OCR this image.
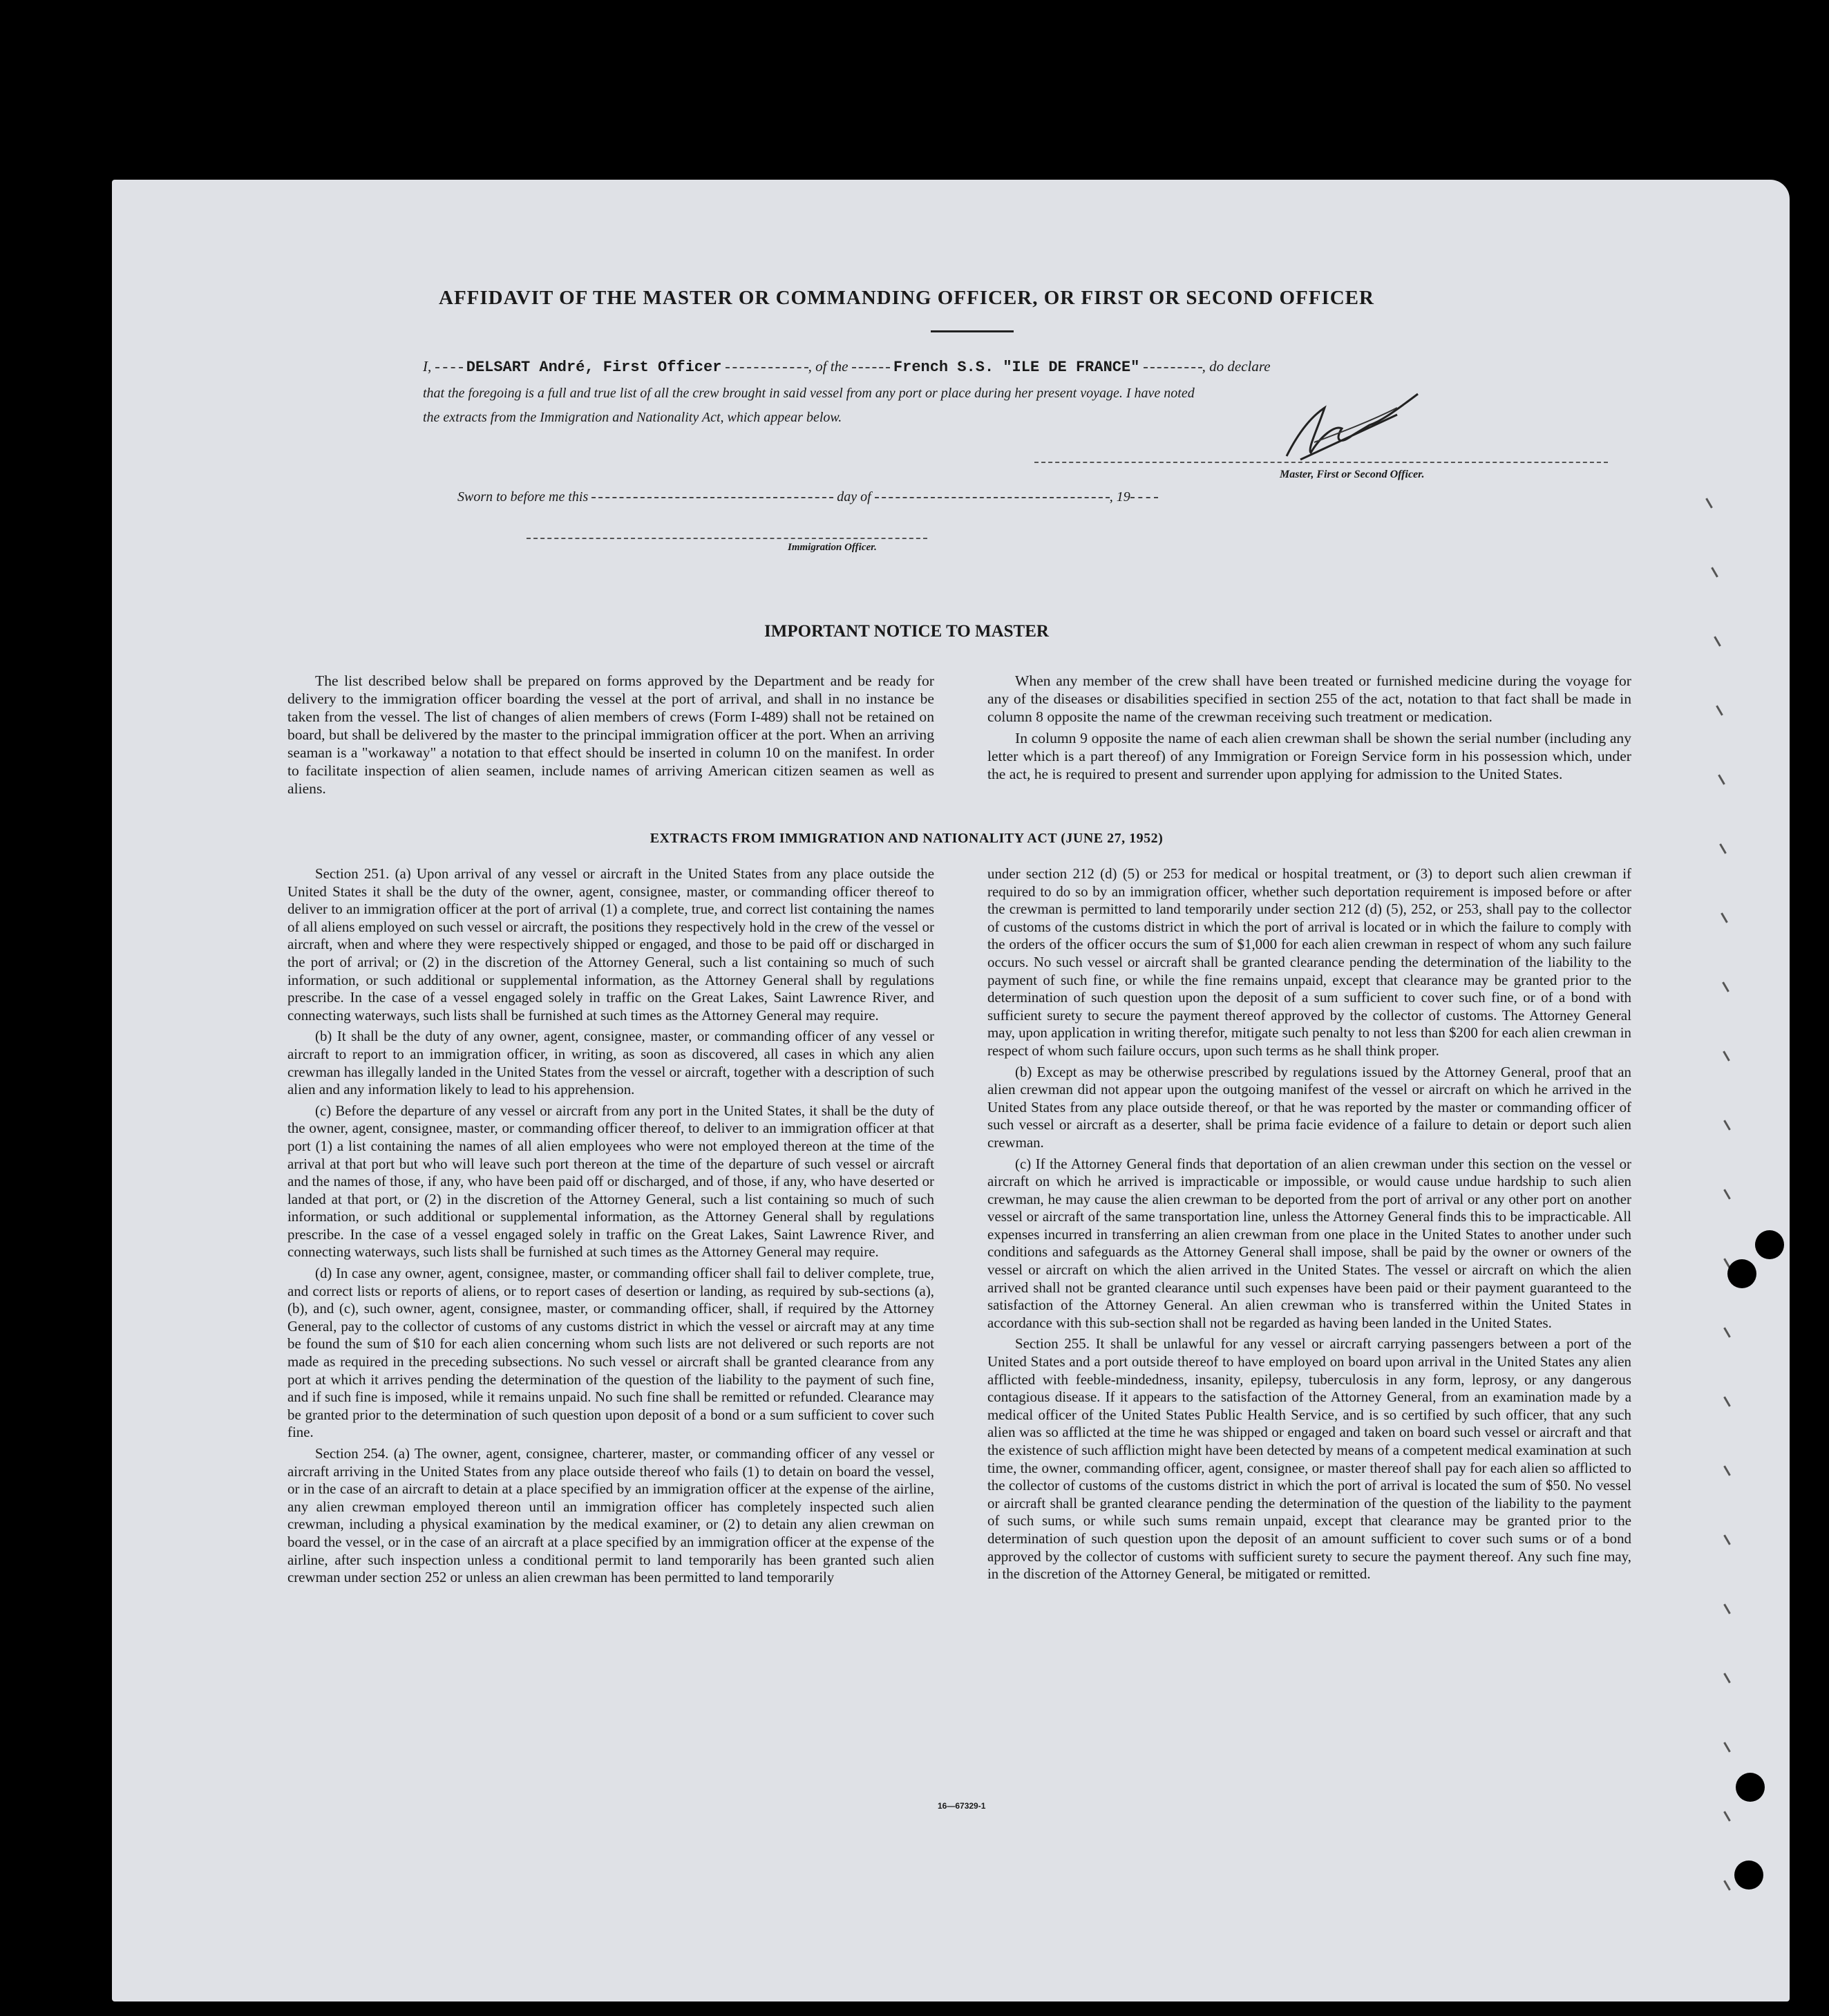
AFFIDAVIT OF THE MASTER OR COMMANDING OFFICER, OR FIRST OR SECOND OFFICER
I, DELSART André, First Officer	, of the	French S.S. "ILE DE FRANCE"	, do declare
that the foregoing is a full and true list of all the crew brought in said vessel from any port or place during her present voyage. I have noted
the extracts from the Immigration and Nationality Act, which appear below.
Master, First or Second Officer.
Sworn to before me this	day of	, 19
Immigration Officer.
IMPORTANT NOTICE TO MASTER

The list described below shall be prepared on forms approved by the Department and be ready for delivery to the immigration officer boarding the vessel at the port of arrival, and shall in no instance be taken from the vessel. The list of changes of alien members of crews (Form I-489) shall not be retained on board, but shall be delivered by the master to the principal immigration officer at the port. When an arriving seaman is a "workaway" a notation to that effect should be inserted in column 10 on the manifest. In order to facilitate inspection of alien seamen, include names of arriving American citizen seamen as well as aliens.

When any member of the crew shall have been treated or furnished medicine during the voyage for any of the diseases or disabilities specified in section 255 of the act, notation to that fact shall be made in column 8 opposite the name of the crewman receiving such treatment or medication.

In column 9 opposite the name of each alien crewman shall be shown the serial number (including any letter which is a part thereof) of any Immigration or Foreign Service form in his possession which, under the act, he is required to present and surrender upon applying for admission to the United States.

EXTRACTS FROM IMMIGRATION AND NATIONALITY ACT (JUNE 27, 1952)

Section 251. (a) Upon arrival of any vessel or aircraft in the United States from any place outside the United States it shall be the duty of the owner, agent, consignee, master, or commanding officer thereof to deliver to an immigration officer at the port of arrival (1) a complete, true, and correct list containing the names of all aliens employed on such vessel or aircraft, the positions they respectively hold in the crew of the vessel or aircraft, when and where they were respectively shipped or engaged, and those to be paid off or discharged in the port of arrival; or (2) in the discretion of the Attorney General, such a list containing so much of such information, or such additional or supplemental information, as the Attorney General shall by regulations prescribe. In the case of a vessel engaged solely in traffic on the Great Lakes, Saint Lawrence River, and connecting waterways, such lists shall be furnished at such times as the Attorney General may require.

(b) It shall be the duty of any owner, agent, consignee, master, or commanding officer of any vessel or aircraft to report to an immigration officer, in writing, as soon as discovered, all cases in which any alien crewman has illegally landed in the United States from the vessel or aircraft, together with a description of such alien and any information likely to lead to his apprehension.

(c) Before the departure of any vessel or aircraft from any port in the United States, it shall be the duty of the owner, agent, consignee, master, or commanding officer thereof, to deliver to an immigration officer at that port (1) a list containing the names of all alien employees who were not employed thereon at the time of the arrival at that port but who will leave such port thereon at the time of the departure of such vessel or aircraft and the names of those, if any, who have been paid off or discharged, and of those, if any, who have deserted or landed at that port, or (2) in the discretion of the Attorney General, such a list containing so much of such information, or such additional or supplemental information, as the Attorney General shall by regulations prescribe. In the case of a vessel engaged solely in traffic on the Great Lakes, Saint Lawrence River, and connecting waterways, such lists shall be furnished at such times as the Attorney General may require.

(d) In case any owner, agent, consignee, master, or commanding officer shall fail to deliver complete, true, and correct lists or reports of aliens, or to report cases of desertion or landing, as required by sub-sections (a), (b), and (c), such owner, agent, consignee, master, or commanding officer, shall, if required by the Attorney General, pay to the collector of customs of any customs district in which the vessel or aircraft may at any time be found the sum of $10 for each alien concerning whom such lists are not delivered or such reports are not made as required in the preceding subsections. No such vessel or aircraft shall be granted clearance from any port at which it arrives pending the determination of the question of the liability to the payment of such fine, and if such fine is imposed, while it remains unpaid. No such fine shall be remitted or refunded. Clearance may be granted prior to the determination of such question upon deposit of a bond or a sum sufficient to cover such fine.

Section 254. (a) The owner, agent, consignee, charterer, master, or commanding officer of any vessel or aircraft arriving in the United States from any place outside thereof who fails (1) to detain on board the vessel, or in the case of an aircraft to detain at a place specified by an immigration officer at the expense of the airline, any alien crewman employed thereon until an immigration officer has completely inspected such alien crewman, including a physical examination by the medical examiner, or (2) to detain any alien crewman on board the vessel, or in the case of an aircraft at a place specified by an immigration officer at the expense of the airline, after such inspection unless a conditional permit to land temporarily has been granted such alien crewman under section 252 or unless an alien crewman has been permitted to land temporarily

under section 212 (d) (5) or 253 for medical or hospital treatment, or (3) to deport such alien crewman if required to do so by an immigration officer, whether such deportation requirement is imposed before or after the crewman is permitted to land temporarily under section 212 (d) (5), 252, or 253, shall pay to the collector of customs of the customs district in which the port of arrival is located or in which the failure to comply with the orders of the officer occurs the sum of $1,000 for each alien crewman in respect of whom any such failure occurs. No such vessel or aircraft shall be granted clearance pending the determination of the liability to the payment of such fine, or while the fine remains unpaid, except that clearance may be granted prior to the determination of such question upon the deposit of a sum sufficient to cover such fine, or of a bond with sufficient surety to secure the payment thereof approved by the collector of customs. The Attorney General may, upon application in writing therefor, mitigate such penalty to not less than $200 for each alien crewman in respect of whom such failure occurs, upon such terms as he shall think proper.

(b) Except as may be otherwise prescribed by regulations issued by the Attorney General, proof that an alien crewman did not appear upon the outgoing manifest of the vessel or aircraft on which he arrived in the United States from any place outside thereof, or that he was reported by the master or commanding officer of such vessel or aircraft as a deserter, shall be prima facie evidence of a failure to detain or deport such alien crewman.

(c) If the Attorney General finds that deportation of an alien crewman under this section on the vessel or aircraft on which he arrived is impracticable or impossible, or would cause undue hardship to such alien crewman, he may cause the alien crewman to be deported from the port of arrival or any other port on another vessel or aircraft of the same transportation line, unless the Attorney General finds this to be impracticable. All expenses incurred in transferring an alien crewman from one place in the United States to another under such conditions and safeguards as the Attorney General shall impose, shall be paid by the owner or owners of the vessel or aircraft on which the alien arrived in the United States. The vessel or aircraft on which the alien arrived shall not be granted clearance until such expenses have been paid or their payment guaranteed to the satisfaction of the Attorney General. An alien crewman who is transferred within the United States in accordance with this sub-section shall not be regarded as having been landed in the United States.

Section 255. It shall be unlawful for any vessel or aircraft carrying passengers between a port of the United States and a port outside thereof to have employed on board upon arrival in the United States any alien afflicted with feeble-mindedness, insanity, epilepsy, tuberculosis in any form, leprosy, or any dangerous contagious disease. If it appears to the satisfaction of the Attorney General, from an examination made by a medical officer of the United States Public Health Service, and is so certified by such officer, that any such alien was so afflicted at the time he was shipped or engaged and taken on board such vessel or aircraft and that the existence of such affliction might have been detected by means of a competent medical examination at such time, the owner, commanding officer, agent, consignee, or master thereof shall pay for each alien so afflicted to the collector of customs of the customs district in which the port of arrival is located the sum of $50. No vessel or aircraft shall be granted clearance pending the determination of the question of the liability to the payment of such sums, or while such sums remain unpaid, except that clearance may be granted prior to the determination of such question upon the deposit of an amount sufficient to cover such sums or of a bond approved by the collector of customs with sufficient surety to secure the payment thereof. Any such fine may, in the discretion of the Attorney General, be mitigated or remitted.

16—67329-1
